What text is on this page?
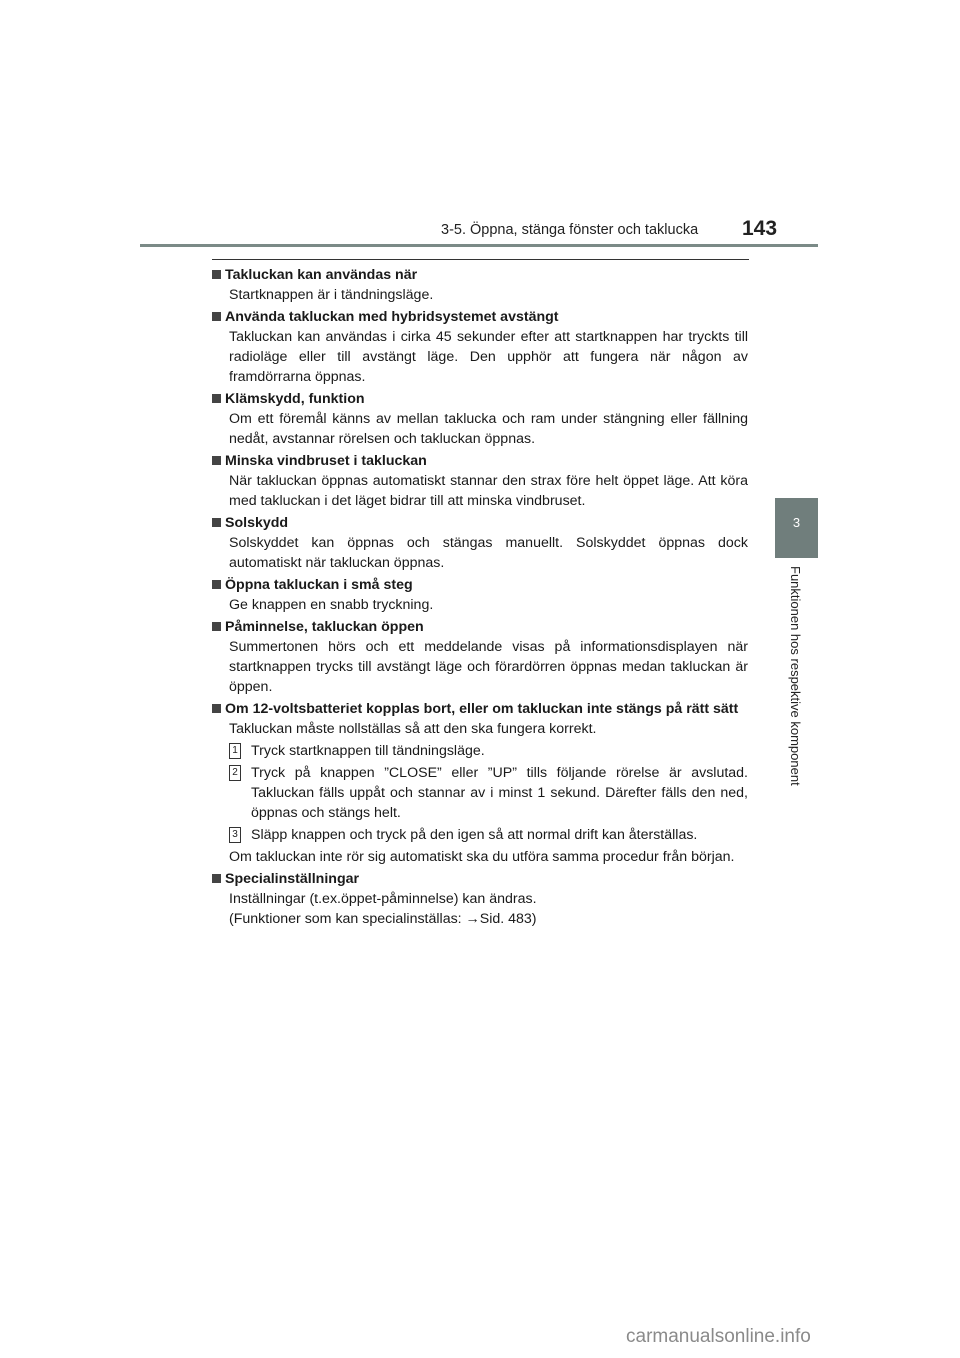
3-5. Öppna, stänga fönster och taklucka 143
3
Funktionen hos respektive komponent
Takluckan kan användas när
Startknappen är i tändningsläge.
Använda takluckan med hybridsystemet avstängt
Takluckan kan användas i cirka 45 sekunder efter att startknappen har tryckts till radioläge eller till avstängt läge. Den upphör att fungera när någon av framdörrarna öppnas.
Klämskydd, funktion
Om ett föremål känns av mellan taklucka och ram under stängning eller fällning nedåt, avstannar rörelsen och takluckan öppnas.
Minska vindbruset i takluckan
När takluckan öppnas automatiskt stannar den strax före helt öppet läge. Att köra med takluckan i det läget bidrar till att minska vindbruset.
Solskydd
Solskyddet kan öppnas och stängas manuellt. Solskyddet öppnas dock automatiskt när takluckan öppnas.
Öppna takluckan i små steg
Ge knappen en snabb tryckning.
Påminnelse, takluckan öppen
Summertonen hörs och ett meddelande visas på informationsdisplayen när startknappen trycks till avstängt läge och förardörren öppnas medan takluckan är öppen.
Om 12-voltsbatteriet kopplas bort, eller om takluckan inte stängs på rätt sätt
Takluckan måste nollställas så att den ska fungera korrekt.
1 Tryck startknappen till tändningsläge.
2 Tryck på knappen ”CLOSE” eller ”UP” tills följande rörelse är avslutad. Takluckan fälls uppåt och stannar av i minst 1 sekund. Därefter fälls den ned, öppnas och stängs helt.
3 Släpp knappen och tryck på den igen så att normal drift kan återställas.
Om takluckan inte rör sig automatiskt ska du utföra samma procedur från början.
Specialinställningar
Inställningar (t.ex.öppet-påminnelse) kan ändras.
(Funktioner som kan specialinställas: →Sid. 483)
carmanualsonline.info
